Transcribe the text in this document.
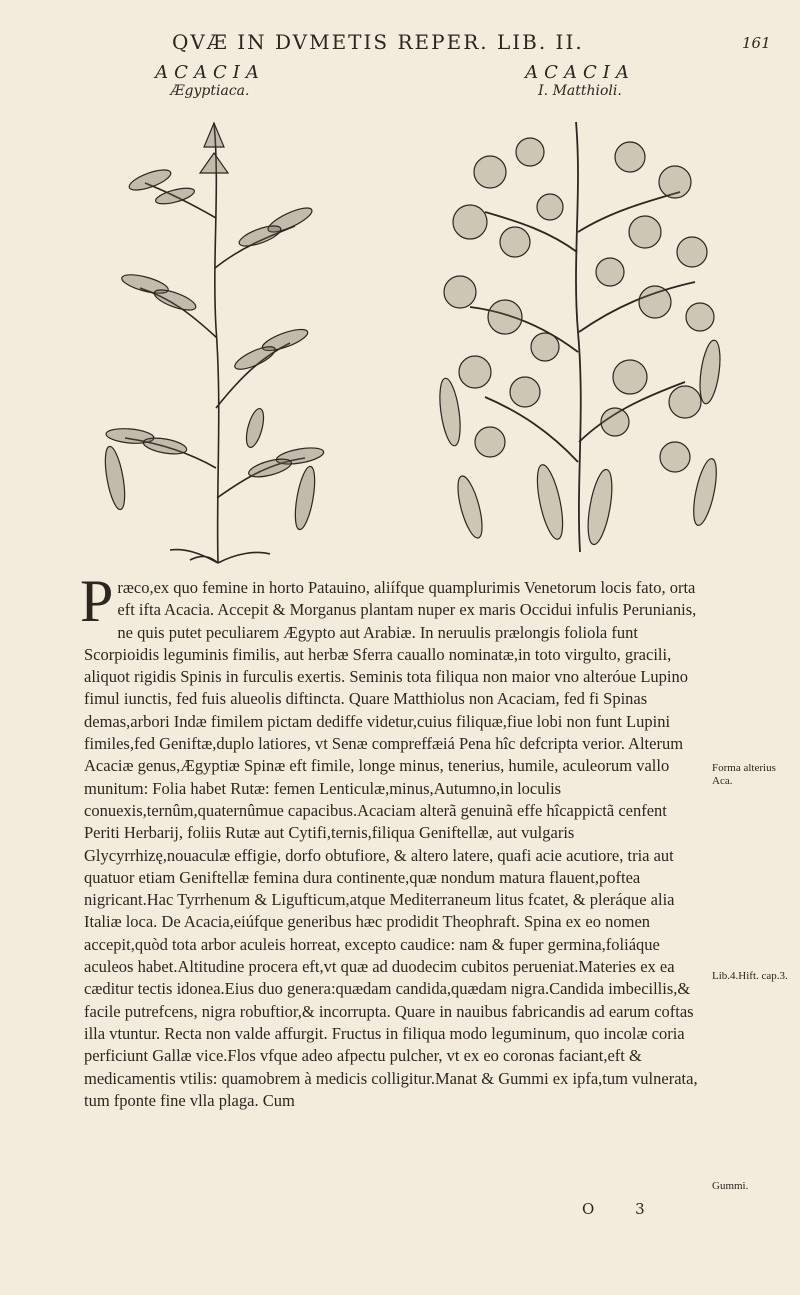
QVÆ IN DVMETIS REPER. LIB. II.	161
ACACIA
Ægyptiaca.
ACACIA
I. Matthioli.

Præco,ex quo femine in horto Patauino, aliífque quamplurimis Venetorum locis fato, orta eft ifta Acacia. Accepit & Morganus plantam nuper ex maris Occidui infulis Perunianis, ne quis putet peculiarem Ægypto aut Arabiæ. In neruulis prælongis foliola funt Scorpioidis leguminis fimilis, aut herbæ Sferra cauallo nominatæ,in toto virgulto, gracili, aliquot rigidis Spinis in furculis exertis. Seminis tota filiqua non maior vno alteróue Lupino fimul iunctis, fed fuis alueolis diftincta. Quare Matthiolus non Acaciam, fed fi Spinas demas,arbori Indæ fimilem pictam dediffe videtur,cuius filiquæ,fiue lobi non funt Lupini fimiles,fed Geniftæ,duplo latiores, vt Senæ compreffæiá Pena hîc defcripta verior. Alterum Acaciæ genus,Ægyptiæ Spinæ eft fimile, longe minus, tenerius, humile, aculeorum vallo munitum: Folia habet Rutæ: femen Lenticulæ,minus,Autumno,in loculis conuexis,ternûm,quaternûmue capacibus.Acaciam alterã genuinã effe hîcappictã cenfent Periti Herbarij, foliis Rutæ aut Cytifi,ternis,filiqua Geniftellæ, aut vulgaris Glycyrrhizę,nouaculæ effigie, dorfo obtufiore, & altero latere, quafi acie acutiore, tria aut quatuor etiam Geniftellæ femina dura continente,quæ nondum matura flauent,poftea nigricant.Hac Tyrrhenum & Ligufticum,atque Mediterraneum litus fcatet, & pleráque alia Italiæ loca. De Acacia,eiúfque generibus hæc prodidit Theophraft. Spina ex eo nomen accepit,quòd tota arbor aculeis horreat, excepto caudice: nam & fuper germina,foliáque aculeos habet.Altitudine procera eft,vt quæ ad duodecim cubitos perueniat.Materies ex ea cæditur tectis idonea.Eius duo genera:quædam candida,quædam nigra.Candida imbecillis,& facile putrefcens, nigra robuftior,& incorrupta. Quare in nauibus fabricandis ad earum coftas illa vtuntur. Recta non valde affurgit. Fructus in filiqua modo leguminum, quo incolæ coria perficiunt Gallæ vice.Flos vfque adeo afpectu pulcher, vt ex eo coronas faciant,eft & medicamentis vtilis: quamobrem à medicis colligitur.Manat & Gummi ex ipfa,tum vulnerata, tum fponte fine vlla plaga. Cum

Forma alterius Aca.
Lib.4.Hift. cap.3.
Gummi.
O 3
